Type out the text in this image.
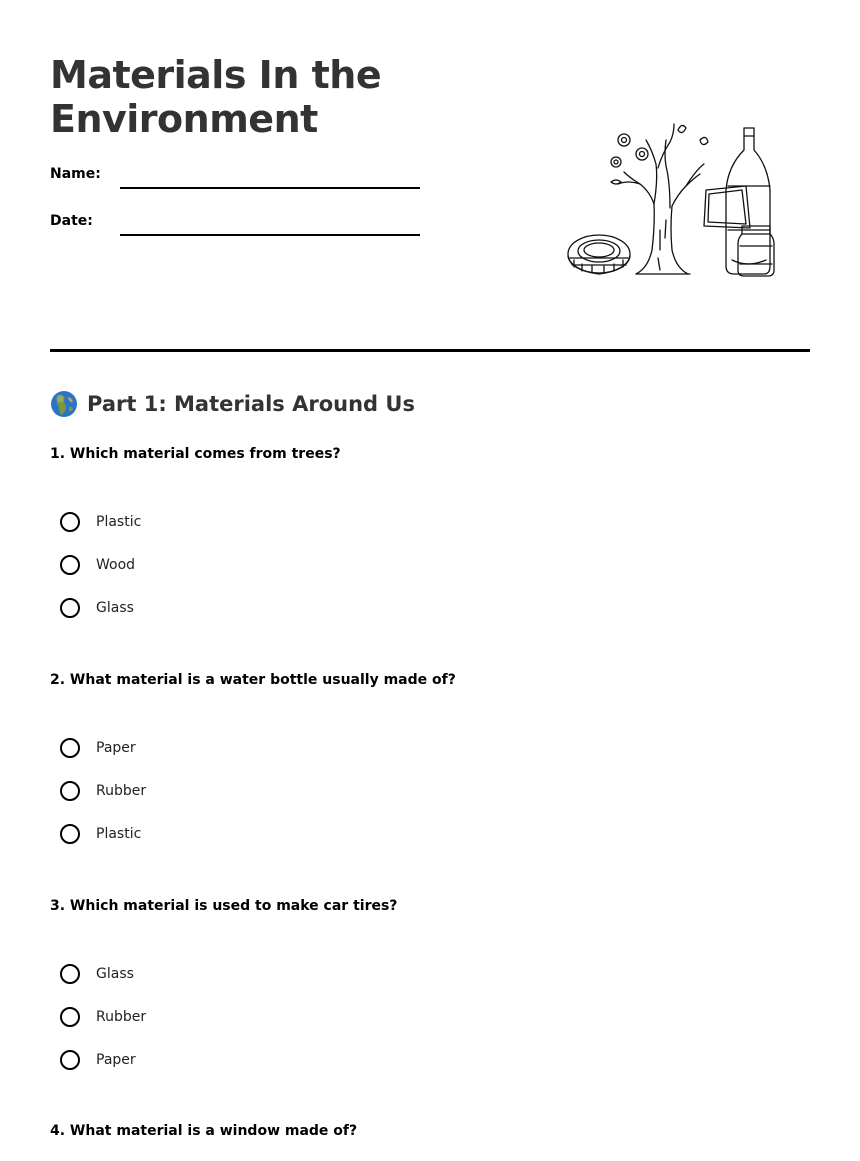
Materials In the Environment
Name:
Date:
Part 1: Materials Around Us
1. Which material comes from trees?
Plastic
Wood
Glass
2. What material is a water bottle usually made of?
Paper
Rubber
Plastic
3. Which material is used to make car tires?
Glass
Rubber
Paper
4. What material is a window made of?
